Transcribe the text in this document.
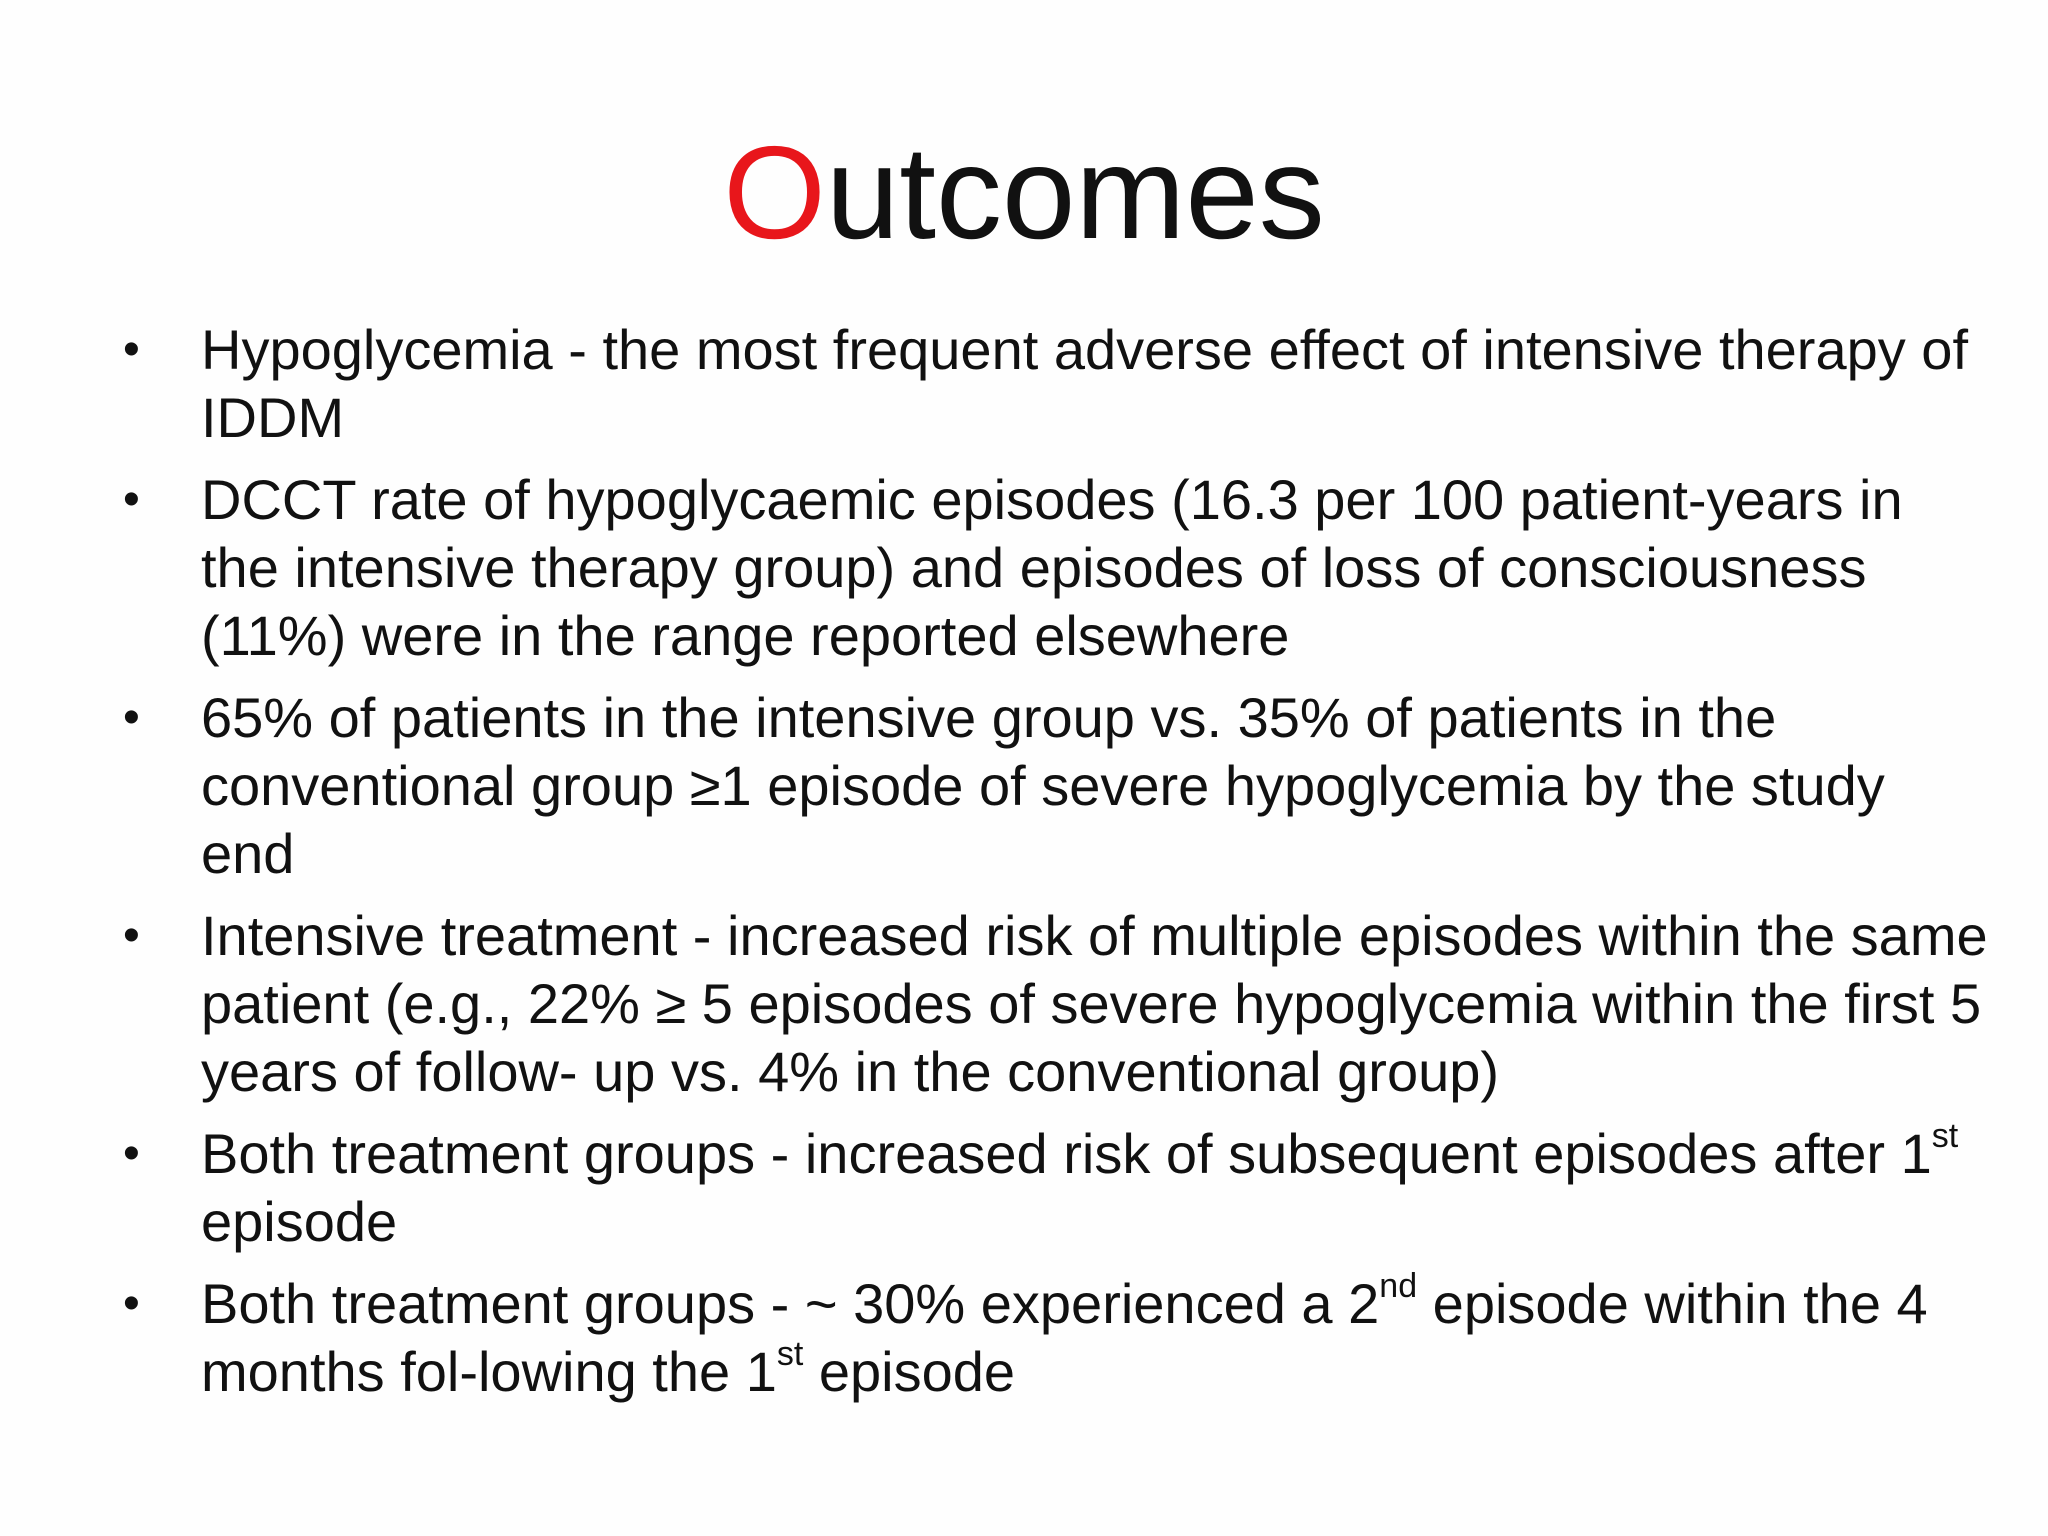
Outcomes
• Hypoglycemia - the most frequent adverse effect of intensive therapy of IDDM
• DCCT rate of hypoglycaemic episodes (16.3 per 100 patient-years in the intensive therapy group) and episodes of loss of consciousness (11%) were in the range reported elsewhere
• 65% of patients in the intensive group vs. 35% of patients in the conventional group ≥1 episode of severe hypoglycemia by the study end
• Intensive treatment - increased risk of multiple episodes within the same patient (e.g., 22% ≥ 5 episodes of severe hypoglycemia within the first 5 years of follow- up vs. 4% in the conventional group)
• Both treatment groups - increased risk of subsequent episodes after 1st episode
• Both treatment groups - ~ 30% experienced a 2nd episode within the 4 months fol-lowing the 1st episode
